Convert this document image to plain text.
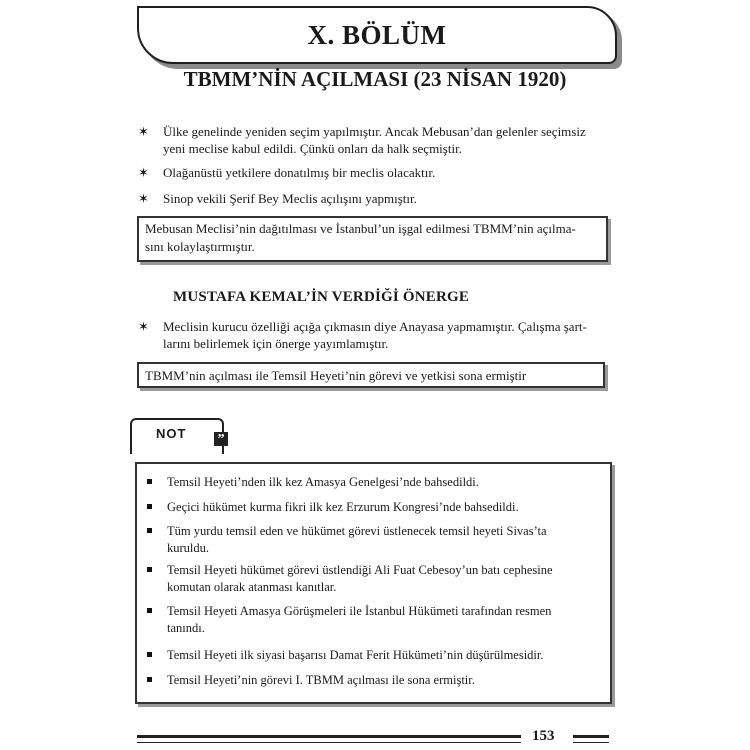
X. BÖLÜM
TBMM’NİN AÇILMASI (23 NİSAN 1920)
✶ Ülke genelinde yeniden seçim yapılmıştır. Ancak Mebusan’dan gelenler seçimsiz
yeni meclise kabul edildi. Çünkü onları da halk seçmiştir.
✶ Olağanüstü yetkilere donatılmış bir meclis olacaktır.
✶ Sinop vekili Şerif Bey Meclis açılışını yapmıştır.
Mebusan Meclisi’nin dağıtılması ve İstanbul’un işgal edilmesi TBMM’nin açılma-
sını kolaylaştırmıştır.
MUSTAFA KEMAL’İN VERDİĞİ ÖNERGE
✶ Meclisin kurucu özelliği açığa çıkmasın diye Anayasa yapmamıştır. Çalışma şart-
larını belirlemek için önerge yayımlamıştır.
TBMM’nin açılması ile Temsil Heyeti’nin görevi ve yetkisi sona ermiştir
NOT ”
Temsil Heyeti’nden ilk kez Amasya Genelgesi’nde bahsedildi.
Geçici hükümet kurma fikri ilk kez Erzurum Kongresi’nde bahsedildi.
Tüm yurdu temsil eden ve hükümet görevi üstlenecek temsil heyeti Sivas’ta
kuruldu.
Temsil Heyeti hükümet görevi üstlendiği Ali Fuat Cebesoy’un batı cephesine
komutan olarak atanması kanıtlar.
Temsil Heyeti Amasya Görüşmeleri ile İstanbul Hükümeti tarafından resmen
tanındı.
Temsil Heyeti ilk siyasi başarısı Damat Ferit Hükümeti’nin düşürülmesidir.
Temsil Heyeti’nin görevi I. TBMM açılması ile sona ermiştir.
153
